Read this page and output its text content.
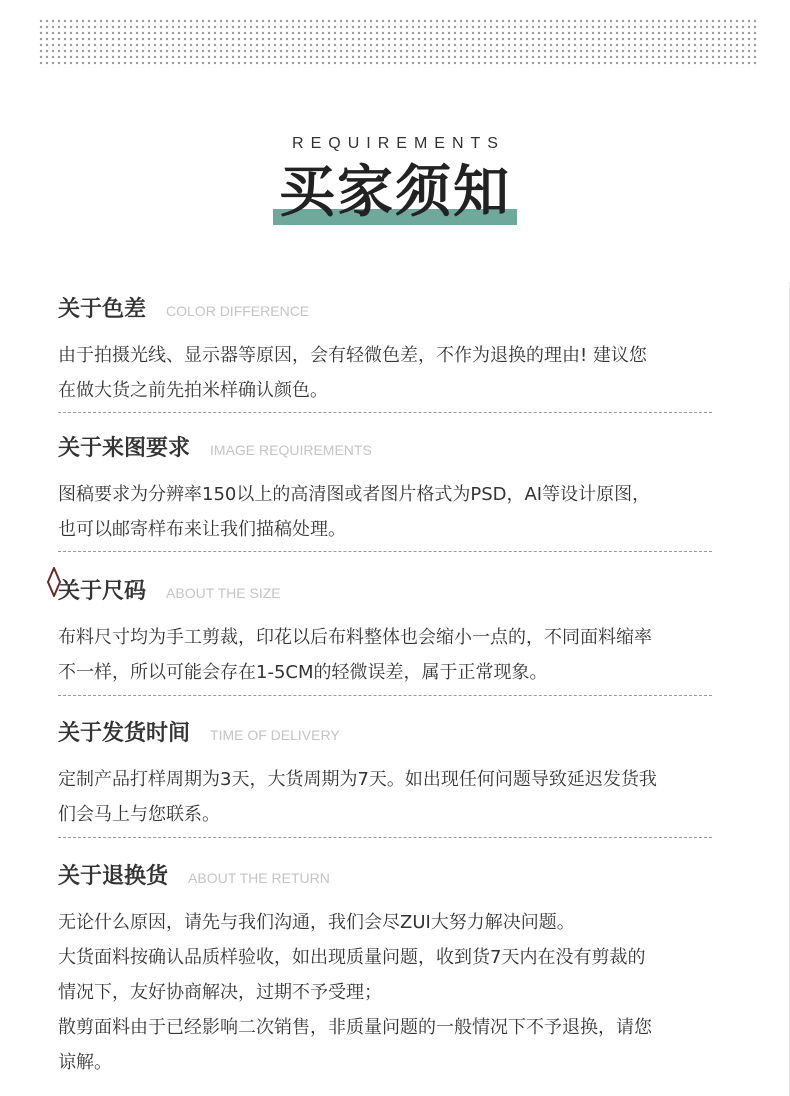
REQUIREMENTS
买家须知
关于色差 COLOR DIFFERENCE
由于拍摄光线、显示器等原因，会有轻微色差，不作为退换的理由! 建议您
在做大货之前先拍米样确认颜色。
关于来图要求 IMAGE REQUIREMENTS
图稿要求为分辨率150以上的高清图或者图片格式为PSD，AI等设计原图，
也可以邮寄样布来让我们描稿处理。
关于尺码 ABOUT THE SIZE
布料尺寸均为手工剪裁，印花以后布料整体也会缩小一点的，不同面料缩率
不一样，所以可能会存在1-5CM的轻微误差，属于正常现象。
关于发货时间 TIME OF DELIVERY
定制产品打样周期为3天，大货周期为7天。如出现任何问题导致延迟发货我
们会马上与您联系。
关于退换货 ABOUT THE RETURN
无论什么原因，请先与我们沟通，我们会尽ZUI大努力解决问题。
大货面料按确认品质样验收，如出现质量问题，收到货7天内在没有剪裁的
情况下，友好协商解决，过期不予受理；
散剪面料由于已经影响二次销售，非质量问题的一般情况下不予退换，请您
谅解。
